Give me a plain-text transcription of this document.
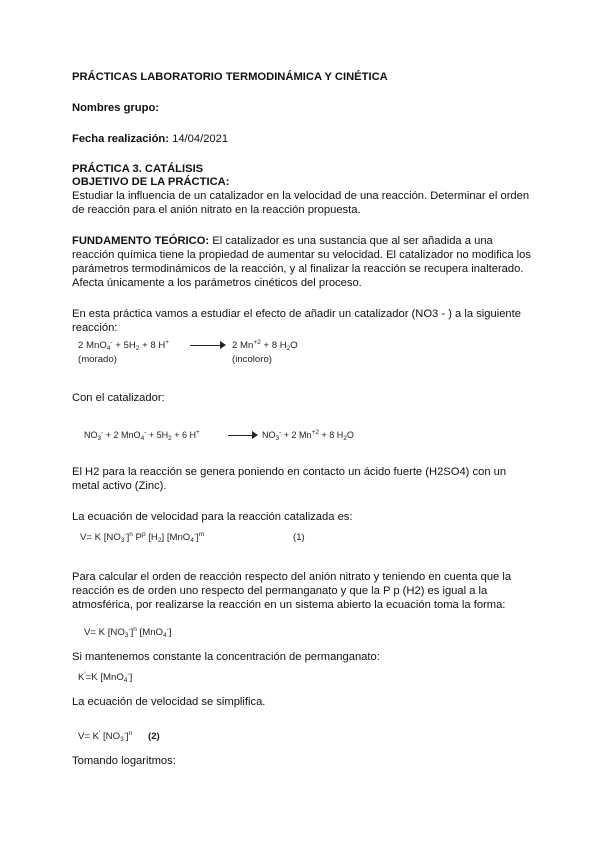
PRÁCTICAS LABORATORIO TERMODINÁMICA Y CINÉTICA
Nombres grupo:
Fecha realización: 14/04/2021
PRÁCTICA 3. CATÁLISIS
OBJETIVO DE LA PRÁCTICA:
Estudiar la influencia de un catalizador en la velocidad de una reacción. Determinar el orden
de reacción para el anión nitrato en la reacción propuesta.
FUNDAMENTO TEÓRICO: El catalizador es una sustancia que al ser añadida a una
reacción química tiene la propiedad de aumentar su velocidad. El catalizador no modifica los
parámetros termodinámicos de la reacción, y al finalizar la reacción se recupera inalterado.
Afecta únicamente a los parámetros cinéticos del proceso.
En esta práctica vamos a estudiar el efecto de añadir un catalizador (NO3 - ) a la siguiente
reacción:
2 $MnO_4^- + 5H_2 + 8$ H+	2 $Mn^{+2} + 8$ $H_2O$
(morado)	(incoloro)
Con el catalizador:
$NO_3^- + 2$ $MnO_4^- + 5H_2 + 6$ H+	$NO_3^- + 2$ $Mn^{+2} + 8$ $H_2O$
El H2 para la reacción se genera poniendo en contacto un ácido fuerte (H2SO4) con un
metal activo (Zinc).
La ecuación de velocidad para la reacción catalizada es:
V= K $[NO_3^-]^n$ $P^p$ $[H_2]$ $[MnO_4^-]^m$	(1)
Para calcular el orden de reacción respecto del anión nitrato y teniendo en cuenta que la
reacción es de orden uno respecto del permanganato y que la P p (H2) es igual a la
atmosférica, por realizarse la reacción en un sistema abierto la ecuación toma la forma:
V= K $[NO_3^-]^n$ [MnO$_4$-]
Si mantenemos constante la concentración de permanganato:
K'=K [MnO$_4$-]
La ecuación de velocidad se simplifica.
V= K' $[NO_3^-]^n$ (2)
Tomando logaritmos:
